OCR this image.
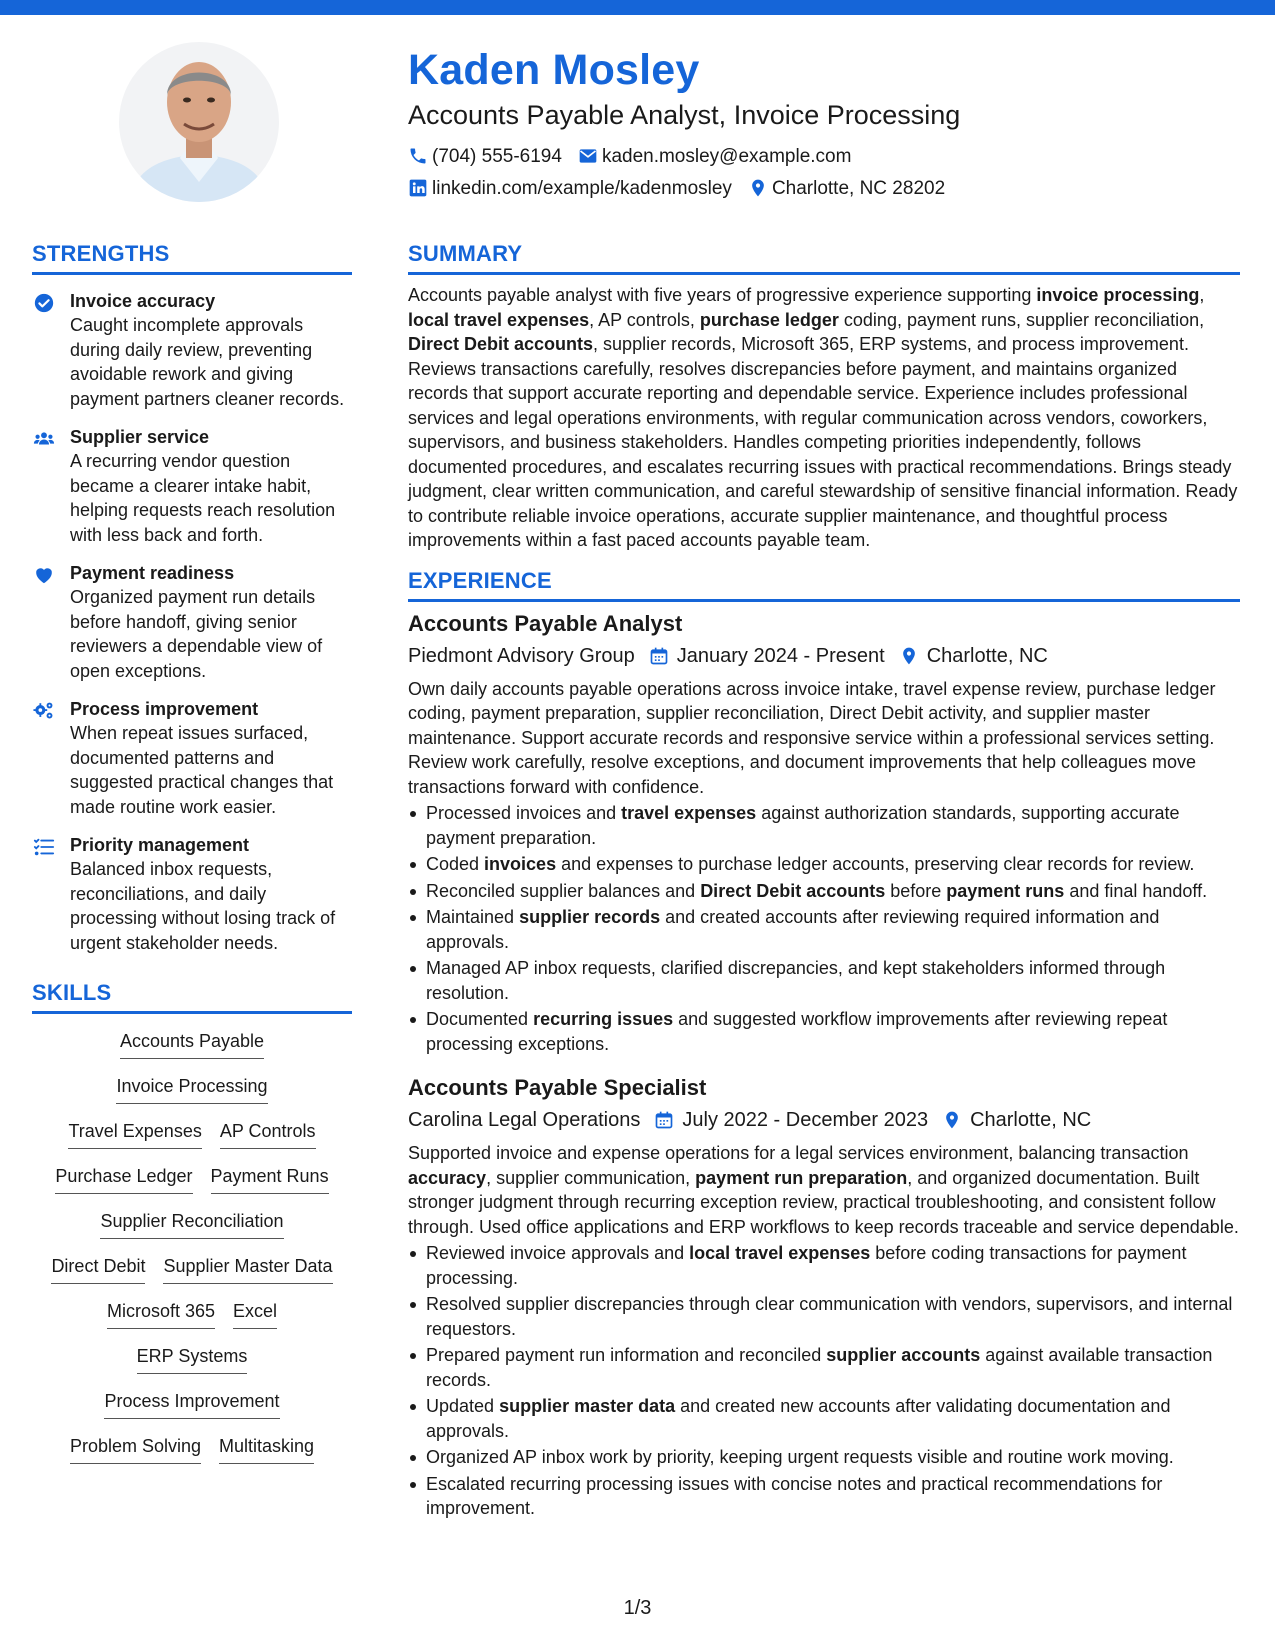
Kaden Mosley
Accounts Payable Analyst, Invoice Processing
(704) 555-6194 kaden.mosley@example.com
linkedin.com/example/kadenmosley Charlotte, NC 28202
STRENGTHS
Invoice accuracy
Caught incomplete approvals during daily review, preventing avoidable rework and giving payment partners cleaner records.
Supplier service
A recurring vendor question became a clearer intake habit, helping requests reach resolution with less back and forth.
Payment readiness
Organized payment run details before handoff, giving senior reviewers a dependable view of open exceptions.
Process improvement
When repeat issues surfaced, documented patterns and suggested practical changes that made routine work easier.
Priority management
Balanced inbox requests, reconciliations, and daily processing without losing track of urgent stakeholder needs.
SKILLS
Accounts Payable
Invoice Processing
Travel Expenses AP Controls
Purchase Ledger Payment Runs
Supplier Reconciliation
Direct Debit Supplier Master Data
Microsoft 365 Excel
ERP Systems
Process Improvement
Problem Solving Multitasking
SUMMARY
Accounts payable analyst with five years of progressive experience supporting invoice processing, local travel expenses, AP controls, purchase ledger coding, payment runs, supplier reconciliation, Direct Debit accounts, supplier records, Microsoft 365, ERP systems, and process improvement. Reviews transactions carefully, resolves discrepancies before payment, and maintains organized records that support accurate reporting and dependable service. Experience includes professional services and legal operations environments, with regular communication across vendors, coworkers, supervisors, and business stakeholders. Handles competing priorities independently, follows documented procedures, and escalates recurring issues with practical recommendations. Brings steady judgment, clear written communication, and careful stewardship of sensitive financial information. Ready to contribute reliable invoice operations, accurate supplier maintenance, and thoughtful process improvements within a fast paced accounts payable team.
EXPERIENCE
Accounts Payable Analyst
Piedmont Advisory Group January 2024 - Present Charlotte, NC
Own daily accounts payable operations across invoice intake, travel expense review, purchase ledger coding, payment preparation, supplier reconciliation, Direct Debit activity, and supplier master maintenance. Support accurate records and responsive service within a professional services setting. Review work carefully, resolve exceptions, and document improvements that help colleagues move transactions forward with confidence.
Processed invoices and travel expenses against authorization standards, supporting accurate payment preparation.
Coded invoices and expenses to purchase ledger accounts, preserving clear records for review.
Reconciled supplier balances and Direct Debit accounts before payment runs and final handoff.
Maintained supplier records and created accounts after reviewing required information and approvals.
Managed AP inbox requests, clarified discrepancies, and kept stakeholders informed through resolution.
Documented recurring issues and suggested workflow improvements after reviewing repeat processing exceptions.
Accounts Payable Specialist
Carolina Legal Operations July 2022 - December 2023 Charlotte, NC
Supported invoice and expense operations for a legal services environment, balancing transaction accuracy, supplier communication, payment run preparation, and organized documentation. Built stronger judgment through recurring exception review, practical troubleshooting, and consistent follow through. Used office applications and ERP workflows to keep records traceable and service dependable.
Reviewed invoice approvals and local travel expenses before coding transactions for payment processing.
Resolved supplier discrepancies through clear communication with vendors, supervisors, and internal requestors.
Prepared payment run information and reconciled supplier accounts against available transaction records.
Updated supplier master data and created new accounts after validating documentation and approvals.
Organized AP inbox work by priority, keeping urgent requests visible and routine work moving.
Escalated recurring processing issues with concise notes and practical recommendations for improvement.
1/3
